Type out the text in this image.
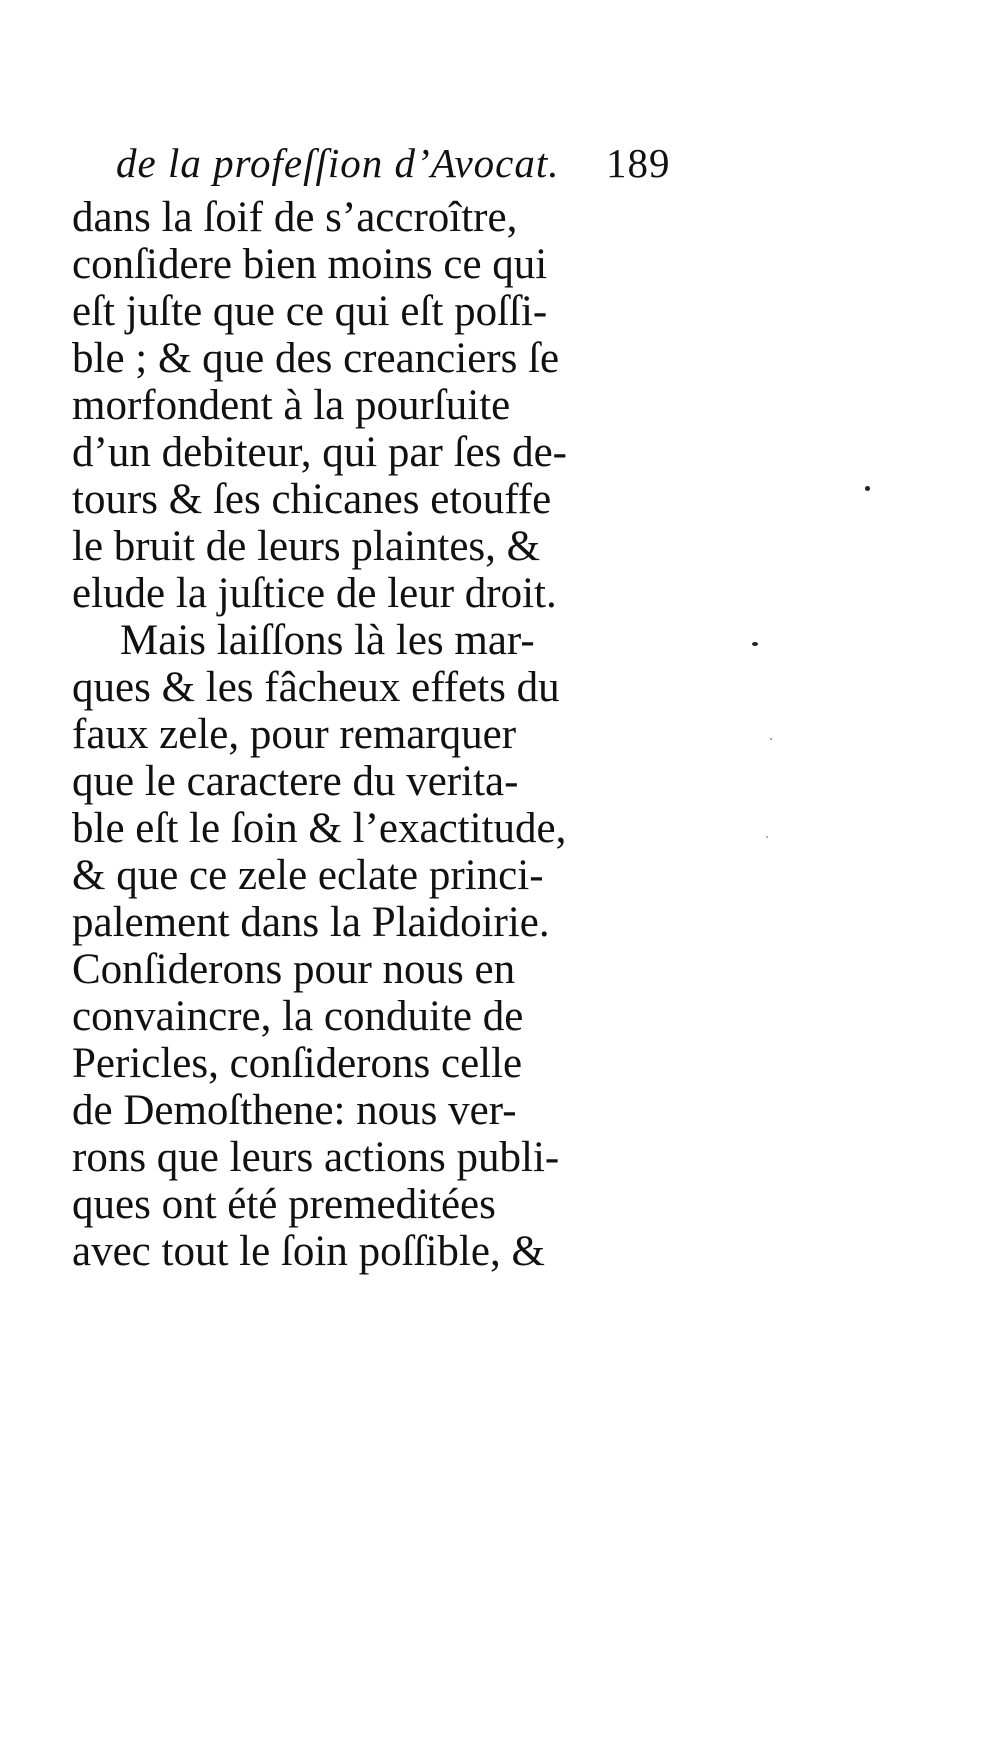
de la profeſſion d’Avocat. 189
dans la ſoif de s’accroître,
conſidere bien moins ce qui
eſt juſte que ce qui eſt poſſi-
ble ; & que des creanciers ſe
morfondent à la pourſuite
d’un debiteur, qui par ſes de-
tours & ſes chicanes etouffe
le bruit de leurs plaintes, &
elude la juſtice de leur droit.
Mais laiſſons là les mar-
ques & les fâcheux effets du
faux zele, pour remarquer
que le caractere du verita-
ble eſt le ſoin & l’exactitude,
& que ce zele eclate princi-
palement dans la Plaidoirie.
Conſiderons pour nous en
convaincre, la conduite de
Pericles, conſiderons celle
de Demoſthene: nous ver-
rons que leurs actions publi-
ques ont été premeditées
avec tout le ſoin poſſible, &
